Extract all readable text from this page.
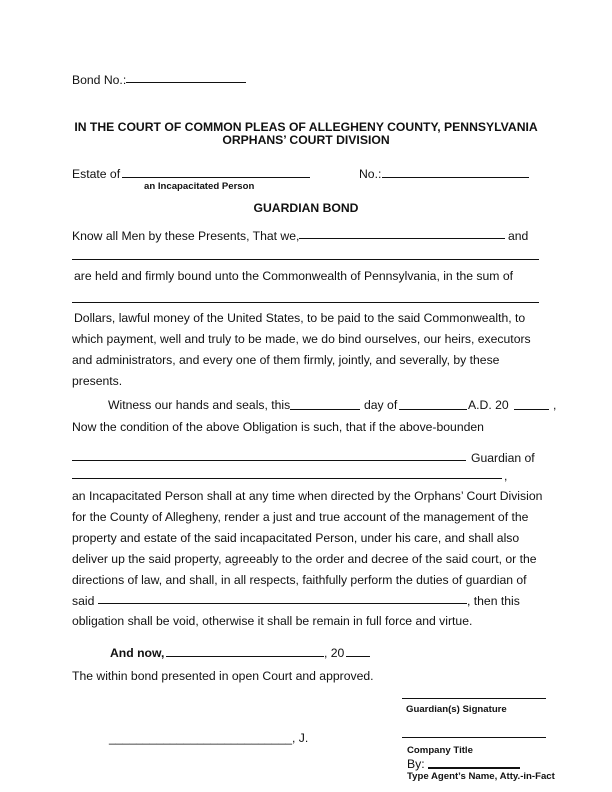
Bond No.:
IN THE COURT OF COMMON PLEAS OF ALLEGHENY COUNTY, PENNSYLVANIA
ORPHANS’ COURT DIVISION
Estate of
an Incapacitated Person
No.:
GUARDIAN BOND
Know all Men by these Presents, That we,	and
are held and firmly bound unto the Commonwealth of Pennsylvania, in the sum of
Dollars, lawful money of the United States, to be paid to the said Commonwealth, to
which payment, well and truly to be made, we do bind ourselves, our heirs, executors
and administrators, and every one of them firmly, jointly, and severally, by these
presents.
Witness our hands and seals, this	day of	A.D. 20	,
Now the condition of the above Obligation is such, that if the above-bounden
Guardian of
,
an Incapacitated Person shall at any time when directed by the Orphans’ Court Division
for the County of Allegheny, render a just and true account of the management of the
property and estate of the said incapacitated Person, under his care, and shall also
deliver up the said property, agreeably to the order and decree of the said court, or the
directions of law, and shall, in all respects, faithfully perform the duties of guardian of
said	, then this
obligation shall be void, otherwise it shall be remain in full force and virtue.
And now,	, 20
The within bond presented in open Court and approved.
Guardian(s) Signature
___________________________, J.
Company Title
By:
Type Agent’s Name, Atty.-in-Fact
